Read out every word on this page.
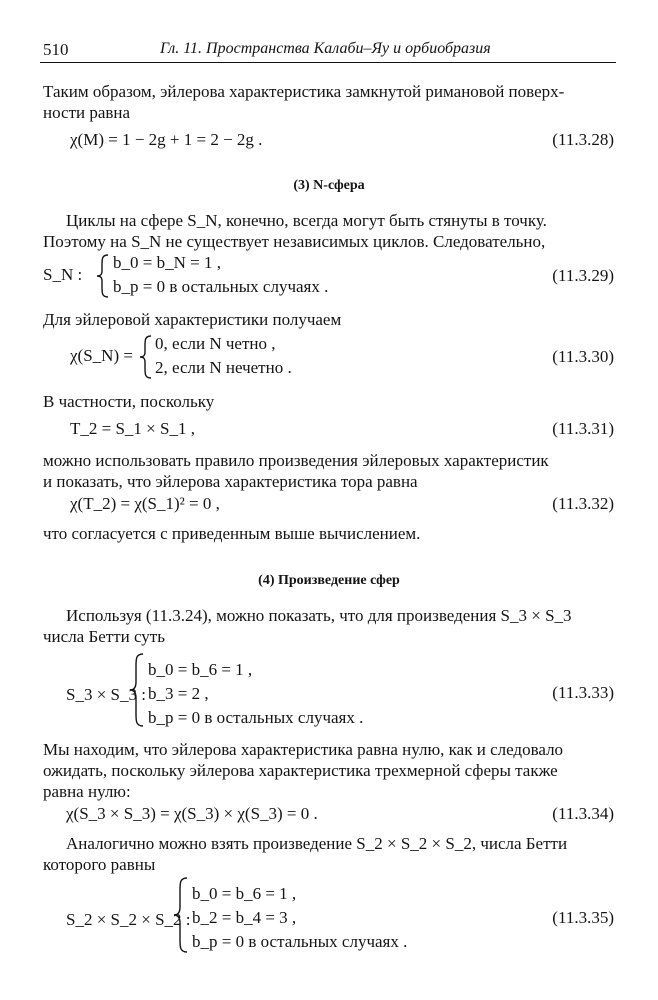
510	Гл. 11. Пространства Калаби–Яу и орбиобразия
Таким образом, эйлерова характеристика замкнутой римановой поверх-
ности равна
χ(M) = 1 − 2g + 1 = 2 − 2g .	(11.3.28)
(3) N-сфера
Циклы на сфере S_N, конечно, всегда могут быть стянуты в точку.
Поэтому на S_N не существует независимых циклов. Следовательно,
S_N :
b_0 = b_N = 1 ,
b_p = 0 в остальных случаях .
(11.3.29)
Для эйлеровой характеристики получаем
χ(S_N) =
0, если N четно ,
2, если N нечетно .
(11.3.30)
В частности, поскольку
T_2 = S_1 × S_1 ,	(11.3.31)
можно использовать правило произведения эйлеровых характеристик
и показать, что эйлерова характеристика тора равна
χ(T_2) = χ(S_1)² = 0 ,	(11.3.32)
что согласуется с приведенным выше вычислением.
(4) Произведение сфер
Используя (11.3.24), можно показать, что для произведения S_3 × S_3
числа Бетти суть
S_3 × S_3 :
b_0 = b_6 = 1 ,
b_3 = 2 ,
b_p = 0 в остальных случаях .
(11.3.33)
Мы находим, что эйлерова характеристика равна нулю, как и следовало
ожидать, поскольку эйлерова характеристика трехмерной сферы также
равна нулю:
χ(S_3 × S_3) = χ(S_3) × χ(S_3) = 0 .	(11.3.34)
Аналогично можно взять произведение S_2 × S_2 × S_2, числа Бетти
которого равны
S_2 × S_2 × S_2 :
b_0 = b_6 = 1 ,
b_2 = b_4 = 3 ,
b_p = 0 в остальных случаях .
(11.3.35)
